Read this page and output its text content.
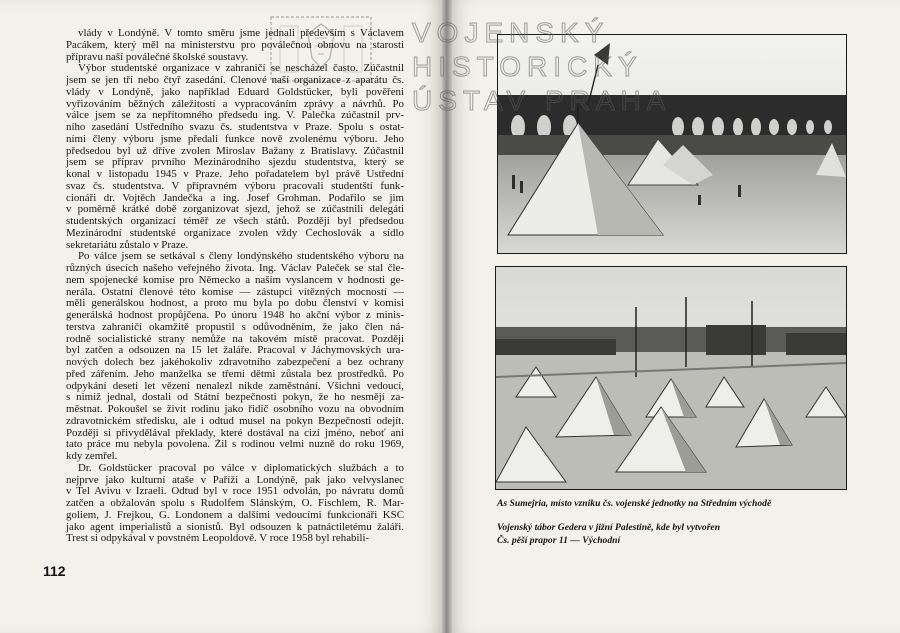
vlády v Londýně. V tomto směru jsme jednali především s Václavem
Pacákem, který měl na ministerstvu pro poválečnou obnovu na starosti
přípravu naší poválečné školské soustavy.

Výbor studentské organizace v zahraničí se nescházel často. Zúčastnil
jsem se jen tří nebo čtyř zasedání. Členové naší organizace z aparátu čs.
vlády v Londýně, jako například Eduard Goldstücker, byli pověřeni
vyřizováním běžných záležitostí a vypracováním zprávy a návrhů. Po
válce jsem se za nepřítomného předsedu ing. V. Palečka zúčastnil prv-
ního zasedání Ústředního svazu čs. studentstva v Praze. Spolu s ostat-
ními členy výboru jsme předali funkce nově zvolenému výboru. Jeho
předsedou byl už dříve zvolen Miroslav Bažany z Bratislavy. Zúčastnil
jsem se příprav prvního Mezinárodního sjezdu studentstva, který se
konal v listopadu 1945 v Praze. Jeho pořadatelem byl právě Ústřední
svaz čs. studentstva. V přípravném výboru pracovali studentští funk-
cionáři dr. Vojtěch Jandečka a ing. Josef Grohman. Podařilo se jim
v poměrně krátké době zorganizovat sjezd, jehož se zúčastnili delegáti
studentských organizací téměř ze všech států. Později byl předsedou
Mezinárodní studentské organizace zvolen vždy Čechoslovák a sídlo
sekretariátu zůstalo v Praze.

Po válce jsem se setkával s členy londýnského studentského výboru na
různých úsecích našeho veřejného života. Ing. Václav Paleček se stal čle-
nem spojenecké komise pro Německo a naším vyslancem v hodnosti ge-
nerála. Ostatní členové této komise — zástupci vítězných mocností —
měli generálskou hodnost, a proto mu byla po dobu členství v komisi
generálská hodnost propůjčena. Po únoru 1948 ho akční výbor z minis-
terstva zahraničí okamžitě propustil s odůvodněním, že jako člen ná-
rodně socialistické strany nemůže na takovém místě pracovat. Později
byl zatčen a odsouzen na 15 let žaláře. Pracoval v Jáchymovských ura-
nových dolech bez jakéhokoliv zdravotního zabezpečení a bez ochrany
před zářením. Jeho manželka se třemi dětmi zůstala bez prostředků. Po
odpykání deseti let vězení nenalezl nikde zaměstnání. Všichni vedoucí,
s nimiž jednal, dostali od Státní bezpečnosti pokyn, že ho nesmějí za-
městnat. Pokoušel se živit rodinu jako řidič osobního vozu na obvodním
zdravotnickém středisku, ale i odtud musel na pokyn Bezpečnosti odejít.
Později si přivydělával překlady, které dostával na cizí jméno, neboť ani
tato práce mu nebyla povolena. Žil s rodinou velmi nuzně do roku 1969,
kdy zemřel.

Dr. Goldstücker pracoval po válce v diplomatických službách a to
nejprve jako kulturní ataše v Paříži a Londýně, pak jako velvyslanec
v Tel Avivu v Izraeli. Odtud byl v roce 1951 odvolán, po návratu domů
zatčen a obžalován spolu s Rudolfem Slánským, O. Fischlem, R. Mar-
goliem, J. Frejkou, G. Londonem a dalšími vedoucími funkcionáři KSČ
jako agent imperialistů a sionistů. Byl odsouzen k patnáctiletému žaláři.
Trest si odpykával v povstném Leopoldově. V roce 1958 byl rehabili-

112
As Sumejria, místo vzniku čs. vojenské jednotky na Středním východě
Vojenský tábor Gedera v jižní Palestině, kde byl vytvořen
Čs. pěší prapor 11 — Východní
